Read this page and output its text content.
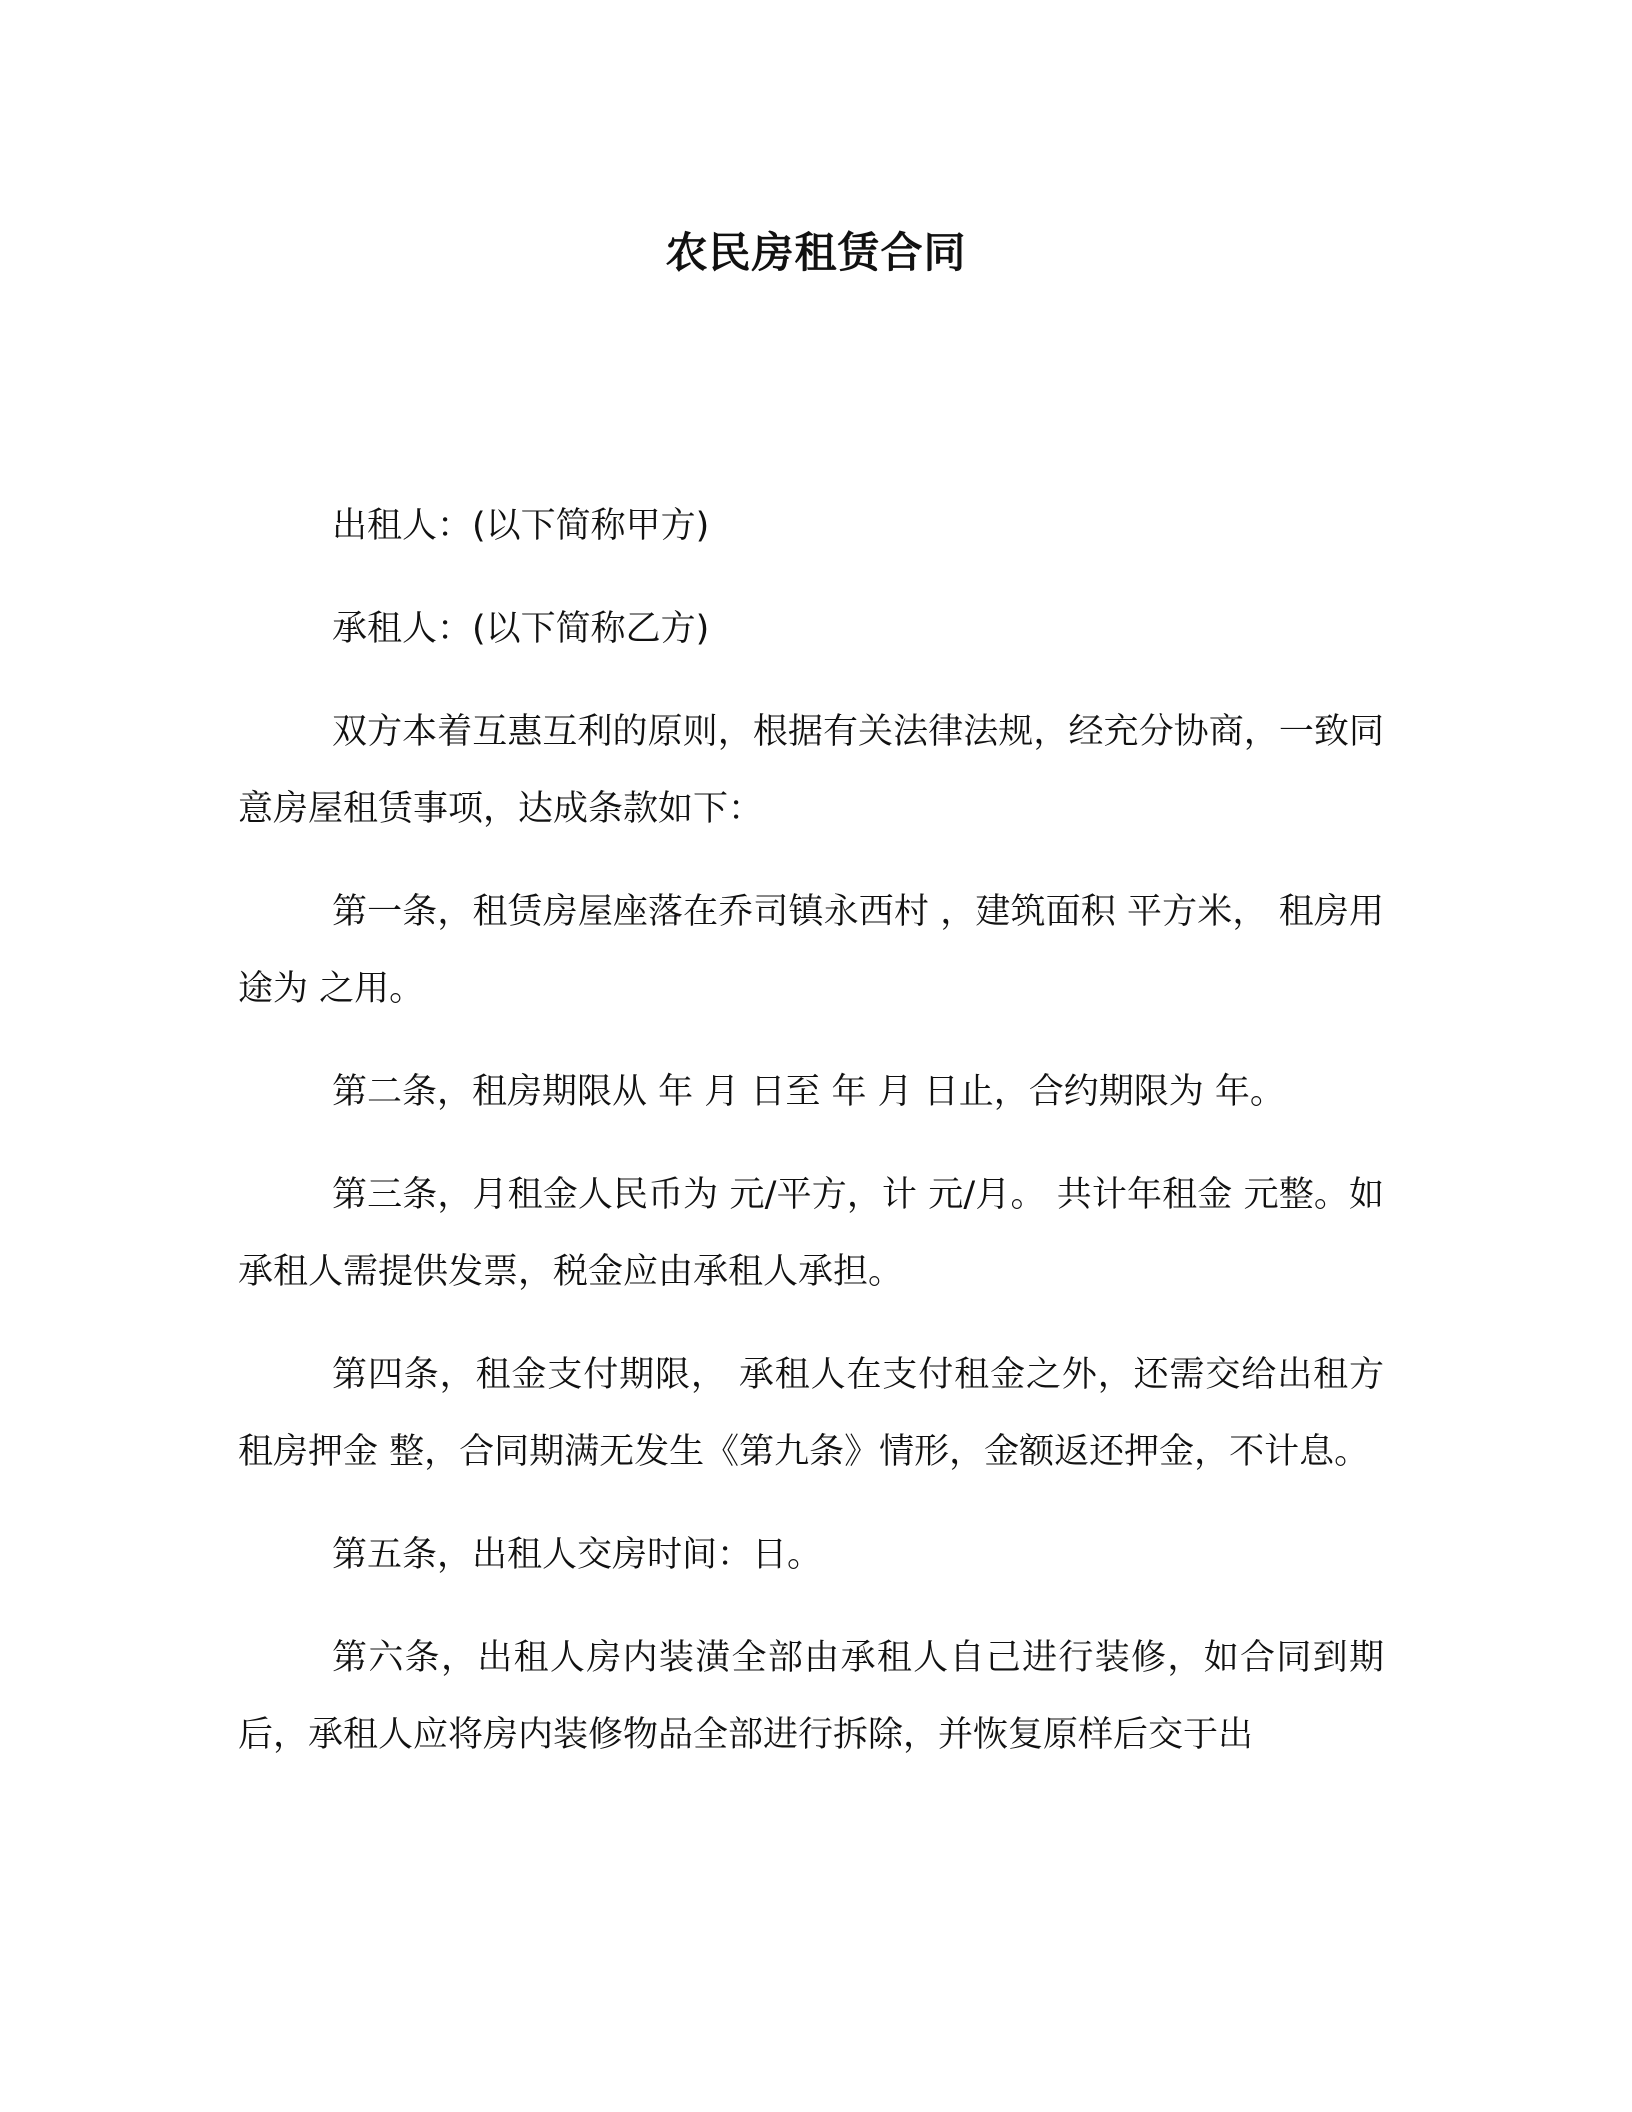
农民房租赁合同

出租人：(以下简称甲方)

承租人：(以下简称乙方)

双方本着互惠互利的原则，根据有关法律法规，经充分协商，一致同意房屋租赁事项，达成条款如下：

第一条，租赁房屋座落在乔司镇永西村 ，建筑面积 平方米， 租房用途为 之用。

第二条，租房期限从 年 月 日至 年 月 日止，合约期限为 年。

第三条，月租金人民币为 元/平方，计 元/月。 共计年租金 元整。如承租人需提供发票，税金应由承租人承担。

第四条，租金支付期限， 承租人在支付租金之外，还需交给出租方租房押金 整，合同期满无发生《第九条》情形，金额返还押金，不计息。

第五条，出租人交房时间：日。

第六条，出租人房内装潢全部由承租人自己进行装修，如合同到期后，承租人应将房内装修物品全部进行拆除，并恢复原样后交于出
